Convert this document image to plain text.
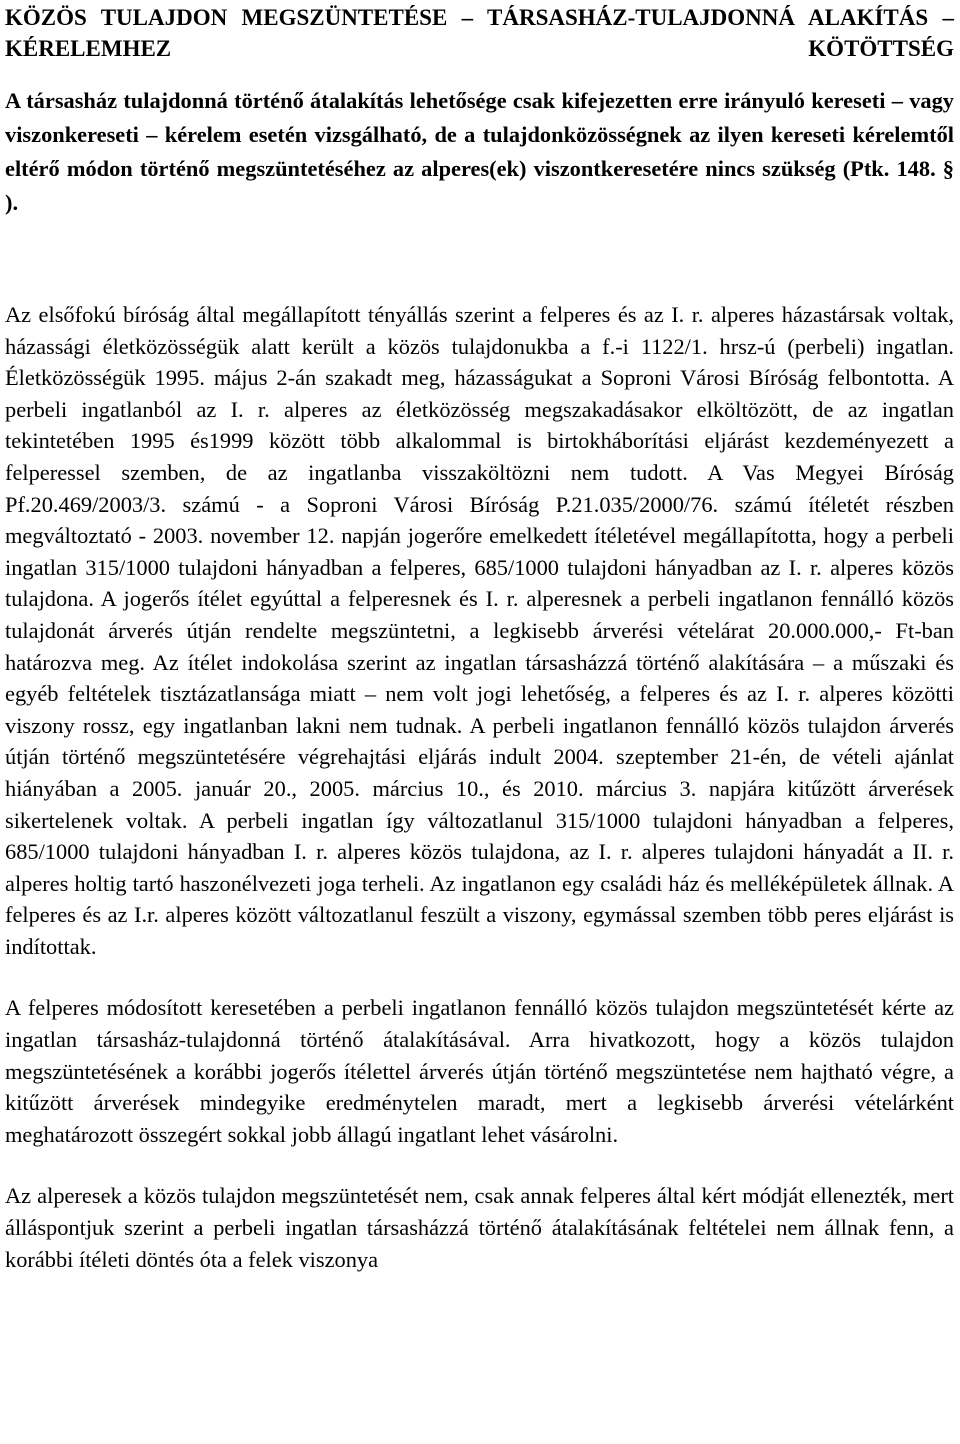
KÖZÖS TULAJDON MEGSZÜNTETÉSE – TÁRSASHÁZ-TULAJDONNÁ ALAKÍTÁS – KÉRELEMHEZ KÖTÖTTSÉG

A társasház tulajdonná történő átalakítás lehetősége csak kifejezetten erre irányuló kereseti – vagy viszonkereseti – kérelem esetén vizsgálható, de a tulajdonközösségnek az ilyen kereseti kérelemtől eltérő módon történő megszüntetéséhez az alperes(ek) viszontkeresetére nincs szükség (Ptk. 148. § ).

Az elsőfokú bíróság által megállapított tényállás szerint a felperes és az I. r. alperes házastársak voltak, házassági életközösségük alatt került a közös tulajdonukba a f.-i 1122/1. hrsz-ú (perbeli) ingatlan. Életközösségük 1995. május 2-án szakadt meg, házasságukat a Soproni Városi Bíróság felbontotta. A perbeli ingatlanból az I. r. alperes az életközösség megszakadásakor elköltözött, de az ingatlan tekintetében 1995 és1999 között több alkalommal is birtokháborítási eljárást kezdeményezett a felperessel szemben, de az ingatlanba visszaköltözni nem tudott. A Vas Megyei Bíróság Pf.20.469/2003/3. számú - a Soproni Városi Bíróság P.21.035/2000/76. számú ítéletét részben megváltoztató - 2003. november 12. napján jogerőre emelkedett ítéletével megállapította, hogy a perbeli ingatlan 315/1000 tulajdoni hányadban a felperes, 685/1000 tulajdoni hányadban az I. r. alperes közös tulajdona. A jogerős ítélet egyúttal a felperesnek és I. r. alperesnek a perbeli ingatlanon fennálló közös tulajdonát árverés útján rendelte megszüntetni, a legkisebb árverési vételárat 20.000.000,- Ft-ban határozva meg. Az ítélet indokolása szerint az ingatlan társasházzá történő alakítására – a műszaki és egyéb feltételek tisztázatlansága miatt – nem volt jogi lehetőség, a felperes és az I. r. alperes közötti viszony rossz, egy ingatlanban lakni nem tudnak. A perbeli ingatlanon fennálló közös tulajdon árverés útján történő megszüntetésére végrehajtási eljárás indult 2004. szeptember 21-én, de vételi ajánlat hiányában a 2005. január 20., 2005. március 10., és 2010. március 3. napjára kitűzött árverések sikertelenek voltak. A perbeli ingatlan így változatlanul 315/1000 tulajdoni hányadban a felperes, 685/1000 tulajdoni hányadban I. r. alperes közös tulajdona, az I. r. alperes tulajdoni hányadát a II. r. alperes holtig tartó haszonélvezeti joga terheli. Az ingatlanon egy családi ház és melléképületek állnak. A felperes és az I.r. alperes között változatlanul feszült a viszony, egymással szemben több peres eljárást is indítottak.

A felperes módosított keresetében a perbeli ingatlanon fennálló közös tulajdon megszüntetését kérte az ingatlan társasház-tulajdonná történő átalakításával. Arra hivatkozott, hogy a közös tulajdon megszüntetésének a korábbi jogerős ítélettel árverés útján történő megszüntetése nem hajtható végre, a kitűzött árverések mindegyike eredménytelen maradt, mert a legkisebb árverési vételárként meghatározott összegért sokkal jobb állagú ingatlant lehet vásárolni.

Az alperesek a közös tulajdon megszüntetését nem, csak annak felperes által kért módját ellenezték, mert álláspontjuk szerint a perbeli ingatlan társasházzá történő átalakításának feltételei nem állnak fenn, a korábbi ítéleti döntés óta a felek viszonya
